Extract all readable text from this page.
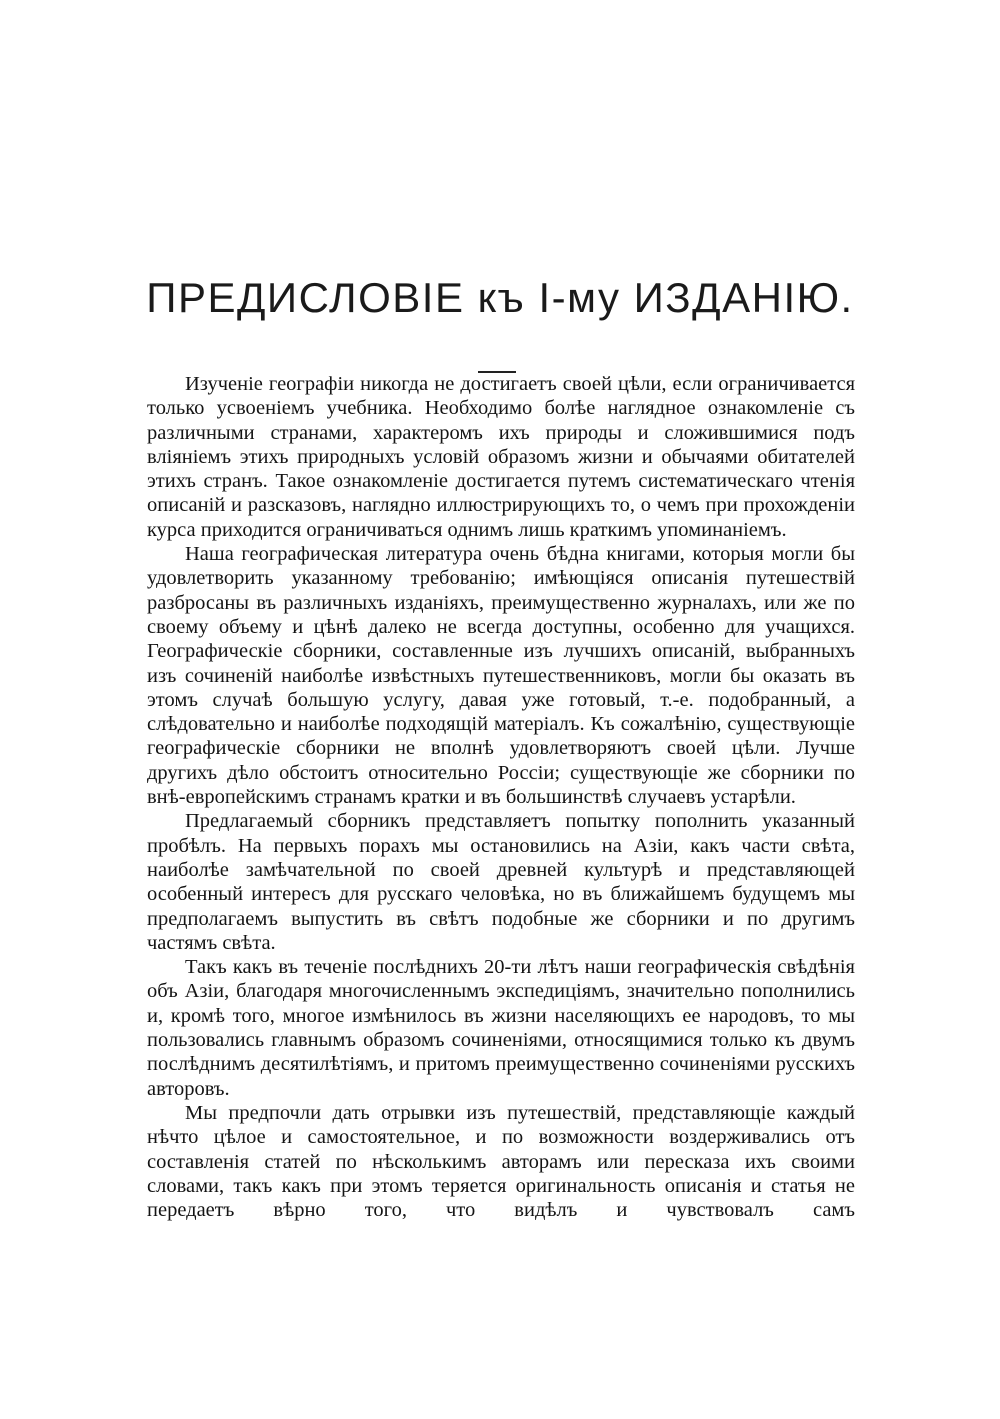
ПРЕДИСЛОВІЕ къ I-му ИЗДАНІЮ.

Изученіе географіи никогда не достигаетъ своей цѣли, если ограничивается только усвоеніемъ учебника. Необходимо болѣе наглядное ознакомленіе съ различными странами, характеромъ ихъ природы и сложившимися подъ вліяніемъ этихъ природныхъ условій образомъ жизни и обычаями обитателей этихъ странъ. Такое ознакомленіе достигается путемъ систематическаго чтенія описаній и разсказовъ, наглядно иллюстрирующихъ то, о чемъ при прохожденіи курса приходится ограничиваться однимъ лишь краткимъ упоминаніемъ.

Наша географическая литература очень бѣдна книгами, которыя могли бы удовлетворить указанному требованію; имѣющіяся описанія путешествій разбросаны въ различныхъ изданіяхъ, преимущественно журналахъ, или же по своему объему и цѣнѣ далеко не всегда доступны, особенно для учащихся. Географическіе сборники, составленные изъ лучшихъ описаній, выбранныхъ изъ сочиненій наиболѣе извѣстныхъ путешественниковъ, могли бы оказать въ этомъ случаѣ большую услугу, давая уже готовый, т.-е. подобранный, а слѣдовательно и наиболѣе подходящій матеріалъ. Къ сожалѣнію, существующіе географическіе сборники не вполнѣ удовлетворяютъ своей цѣли. Лучше другихъ дѣло обстоитъ относительно Россіи; существующіе же сборники по внѣ-европейскимъ странамъ кратки и въ большинствѣ случаевъ устарѣли.

Предлагаемый сборникъ представляетъ попытку пополнить указанный пробѣлъ. На первыхъ порахъ мы остановились на Азіи, какъ части свѣта, наиболѣе замѣчательной по своей древней культурѣ и представляющей особенный интересъ для русскаго человѣка, но въ ближайшемъ будущемъ мы предполагаемъ выпустить въ свѣтъ подобные же сборники и по другимъ частямъ свѣта.

Такъ какъ въ теченіе послѣднихъ 20-ти лѣтъ наши географическія свѣдѣнія объ Азіи, благодаря многочисленнымъ экспедиціямъ, значительно пополнились и, кромѣ того, многое измѣнилось въ жизни населяющихъ ее народовъ, то мы пользовались главнымъ образомъ сочиненіями, относящимися только къ двумъ послѣднимъ десятилѣтіямъ, и притомъ преимущественно сочиненіями русскихъ авторовъ.

Мы предпочли дать отрывки изъ путешествій, представляющіе каждый нѣчто цѣлое и самостоятельное, и по возможности воздерживались отъ составленія статей по нѣсколькимъ авторамъ или пересказа ихъ своими словами, такъ какъ при этомъ теряется оригинальность описанія и статья не передаетъ вѣрно того, что видѣлъ и чувствовалъ самъ
